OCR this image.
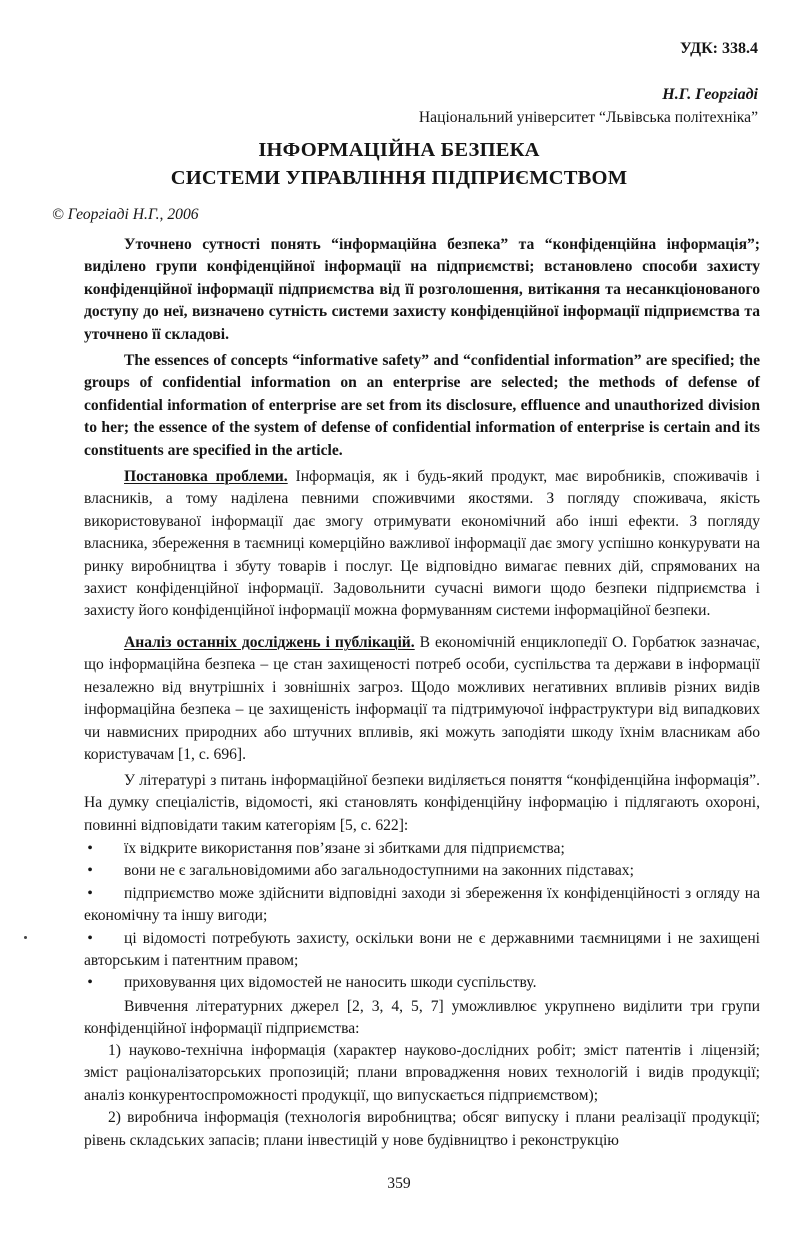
УДК: 338.4
Н.Г. Георгіаді
Національний університет “Львівська політехніка”
ІНФОРМАЦІЙНА БЕЗПЕКА
СИСТЕМИ УПРАВЛІННЯ ПІДПРИЄМСТВОМ
© Георгіаді Н.Г., 2006

Уточнено сутності понять “інформаційна безпека” та “конфіденційна інформація”; виділено групи конфіденційної інформації на підприємстві; встановлено способи захисту конфіденційної інформації підприємства від її розголошення, витікання та несанкціонованого доступу до неї, визначено сутність системи захисту конфіденційної інформації підприємства та уточнено її складові.

The essences of concepts “informative safety” and “confidential information” are specified; the groups of confidential information on an enterprise are selected; the methods of defense of confidential information of enterprise are set from its disclosure, effluence and unauthorized division to her; the essence of the system of defense of confidential information of enterprise is certain and its constituents are specified in the article.

Постановка проблеми. Інформація, як і будь-який продукт, має виробників, споживачів і власників, а тому наділена певними споживчими якостями. З погляду споживача, якість використовуваної інформації дає змогу отримувати економічний або інші ефекти. З погляду власника, збереження в таємниці комерційно важливої інформації дає змогу успішно конкурувати на ринку виробництва і збуту товарів і послуг. Це відповідно вимагає певних дій, спрямованих на захист конфіденційної інформації. Задовольнити сучасні вимоги щодо безпеки підприємства і захисту його конфіденційної інформації можна формуванням системи інформаційної безпеки.

Аналіз останніх досліджень і публікацій. В економічній енциклопедії О. Горбатюк зазначає, що інформаційна безпека – це стан захищеності потреб особи, суспільства та держави в інформації незалежно від внутрішніх і зовнішніх загроз. Щодо можливих негативних впливів різних видів інформаційна безпека – це захищеність інформації та підтримуючої інфраструктури від випадкових чи навмисних природних або штучних впливів, які можуть заподіяти шкоду їхнім власникам або користувачам [1, с. 696].

У літературі з питань інформаційної безпеки виділяється поняття “конфіденційна інформація”. На думку спеціалістів, відомості, які становлять конфіденційну інформацію і підлягають охороні, повинні відповідати таким категоріям [5, с. 622]:

•	їх відкрите використання пов’язане зі збитками для підприємства;
•	вони не є загальновідомими або загальнодоступними на законних підставах;
•	підприємство може здійснити відповідні заходи зі збереження їх конфіденційності з огляду на економічну та іншу вигоди;
•	ці відомості потребують захисту, оскільки вони не є державними таємницями і не захищені авторським і патентним правом;
•	приховування цих відомостей не наносить шкоди суспільству.

Вивчення літературних джерел [2, 3, 4, 5, 7] уможливлює укрупнено виділити три групи конфіденційної інформації підприємства:

1) науково-технічна інформація (характер науково-дослідних робіт; зміст патентів і ліцензій; зміст раціоналізаторських пропозицій; плани впровадження нових технологій і видів продукції; аналіз конкурентоспроможності продукції, що випускається підприємством);

2) виробнича інформація (технологія виробництва; обсяг випуску і плани реалізації продукції; рівень складських запасів; плани інвестицій у нове будівництво і реконструкцію

359
